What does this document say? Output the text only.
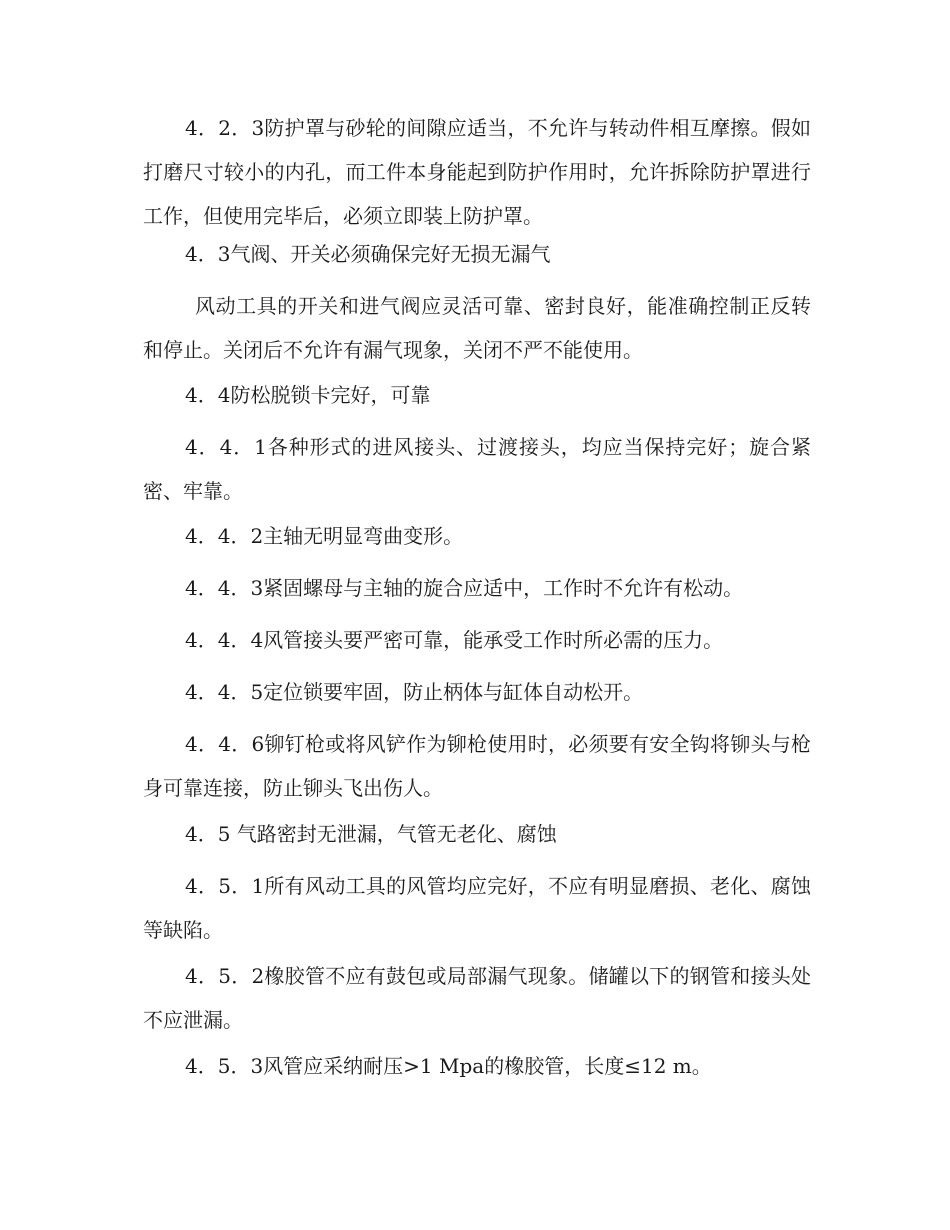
4．2．3防护罩与砂轮的间隙应适当，不允许与转动件相互摩擦。假如打磨尺寸较小的内孔，而工件本身能起到防护作用时，允许拆除防护罩进行工作，但使用完毕后，必须立即装上防护罩。

4．3气阀、开关必须确保完好无损无漏气

风动工具的开关和进气阀应灵活可靠、密封良好，能准确控制正反转和停止。关闭后不允许有漏气现象，关闭不严不能使用。

4．4防松脱锁卡完好，可靠

4．4．1各种形式的进风接头、过渡接头，均应当保持完好；旋合紧密、牢靠。

4．4．2主轴无明显弯曲变形。

4．4．3紧固螺母与主轴的旋合应适中，工作时不允许有松动。

4．4．4风管接头要严密可靠，能承受工作时所必需的压力。

4．4．5定位锁要牢固，防止柄体与缸体自动松开。

4．4．6铆钉枪或将风铲作为铆枪使用时，必须要有安全钩将铆头与枪身可靠连接，防止铆头飞出伤人。

4．5 气路密封无泄漏，气管无老化、腐蚀

4．5．1所有风动工具的风管均应完好，不应有明显磨损、老化、腐蚀等缺陷。

4．5．2橡胶管不应有鼓包或局部漏气现象。储罐以下的钢管和接头处不应泄漏。

4．5．3风管应采纳耐压>1 Mpa的橡胶管，长度≤12 m。
